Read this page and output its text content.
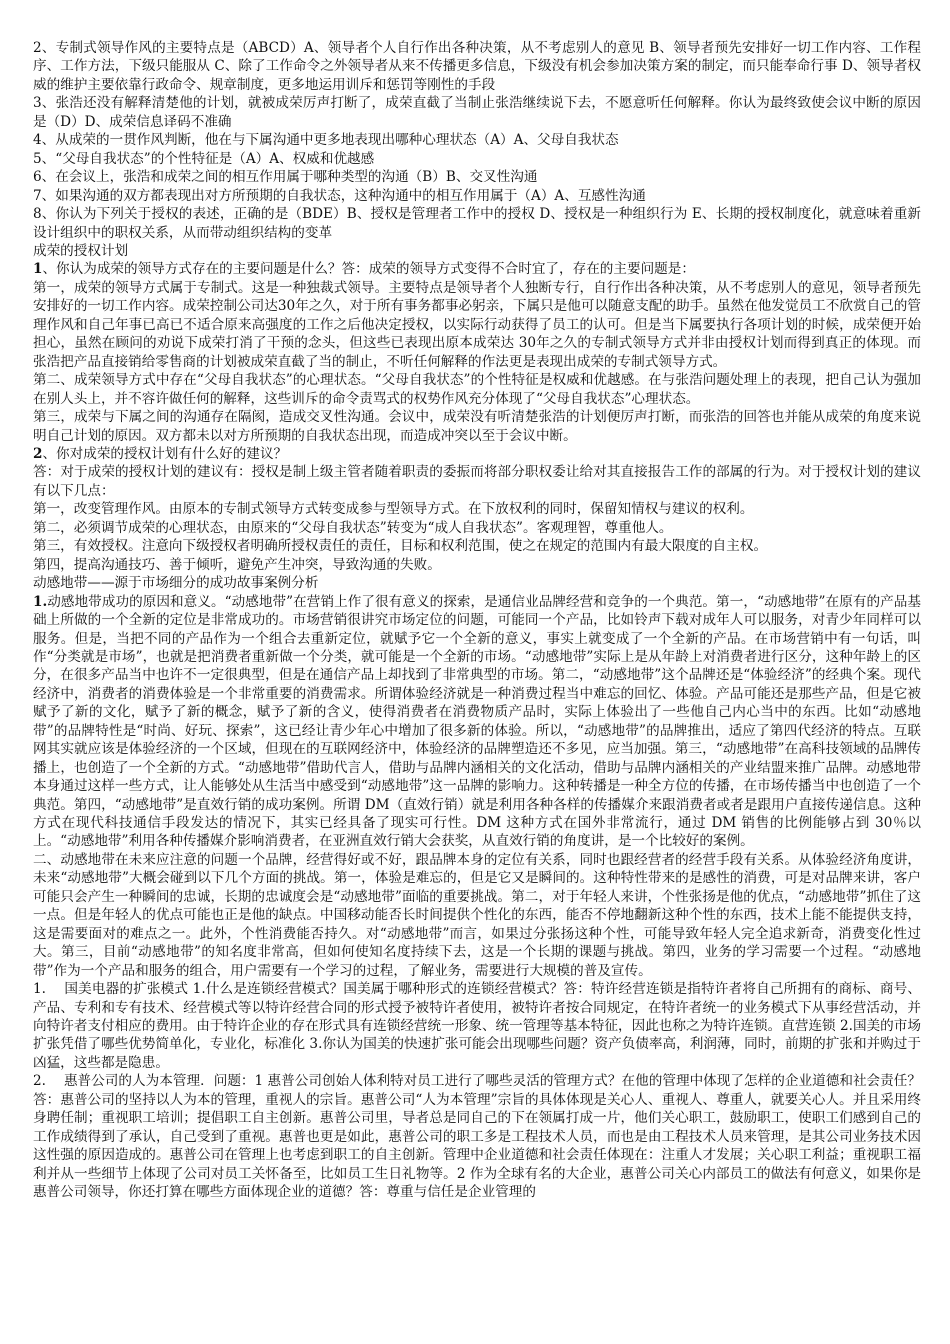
2、专制式领导作风的主要特点是（ABCD）A、领导者个人自行作出各种决策，从不考虑别人的意见 B、领导者预先安排好一切工作内容、工作程序、工作方法，下级只能服从 C、除了工作命令之外领导者从来不传播更多信息，下级没有机会参加决策方案的制定，而只能奉命行事 D、领导者权威的维护主要依靠行政命令、规章制度，更多地运用训斥和惩罚等刚性的手段

3、张浩还没有解释清楚他的计划，就被成荣厉声打断了，成荣直截了当制止张浩继续说下去，不愿意听任何解释。你认为最终致使会议中断的原因是（D）D、成荣信息译码不准确

4、从成荣的一贯作风判断，他在与下属沟通中更多地表现出哪种心理状态（A）A、父母自我状态

5、“父母自我状态”的个性特征是（A）A、权威和优越感

6、在会议上，张浩和成荣之间的相互作用属于哪种类型的沟通（B）B、交叉性沟通

7、如果沟通的双方都表现出对方所预期的自我状态，这种沟通中的相互作用属于（A）A、互感性沟通

8、你认为下列关于授权的表述，正确的是（BDE）B、授权是管理者工作中的授权 D、授权是一种组织行为 E、长期的授权制度化，就意味着重新设计组织中的职权关系，从而带动组织结构的变革

成荣的授权计划

1、你认为成荣的领导方式存在的主要问题是什么？答：成荣的领导方式变得不合时宜了，存在的主要问题是：

第一，成荣的领导方式属于专制式。这是一种独裁式领导。主要特点是领导者个人独断专行，自行作出各种决策，从不考虑别人的意见，领导者预先安排好的一切工作内容。成荣控制公司达30年之久，对于所有事务都事必躬亲，下属只是他可以随意支配的助手。虽然在他发觉员工不欣赏自己的管理作风和自己年事已高已不适合原来高强度的工作之后他决定授权，以实际行动获得了员工的认可。但是当下属要执行各项计划的时候，成荣便开始担心，虽然在顾问的劝说下成荣打消了干预的念头，但这些已表现出原本成荣达 30年之久的专制式领导方式并非由授权计划而得到真正的体现。而张浩把产品直接销给零售商的计划被成荣直截了当的制止，不听任何解释的作法更是表现出成荣的专制式领导方式。

第二、成荣领导方式中存在“父母自我状态”的心理状态。“父母自我状态”的个性特征是权威和优越感。在与张浩问题处理上的表现，把自己认为强加在别人头上，并不容许做任何的解释，这些训斥的命令责骂式的权势作风充分体现了“父母自我状态”心理状态。

第三，成荣与下属之间的沟通存在隔阂，造成交叉性沟通。会议中，成荣没有听清楚张浩的计划便厉声打断，而张浩的回答也并能从成荣的角度来说明自己计划的原因。双方都未以对方所预期的自我状态出现，而造成冲突以至于会议中断。

2、你对成荣的授权计划有什么好的建议？

答：对于成荣的授权计划的建议有：授权是制上级主管者随着职责的委振而将部分职权委让给对其直接报告工作的部属的行为。对于授权计划的建议有以下几点：

第一，改变管理作风。由原本的专制式领导方式转变成参与型领导方式。在下放权利的同时，保留知情权与建议的权利。

第二，必须调节成荣的心理状态，由原来的“父母自我状态”转变为“成人自我状态”。客观理智，尊重他人。

第三，有效授权。注意向下级授权者明确所授权责任的责任，目标和权利范围，使之在规定的范围内有最大限度的自主权。

第四，提高沟通技巧、善于倾听，避免产生冲突，导致沟通的失败。

动感地带——源于市场细分的成功故事案例分析

1.动感地带成功的原因和意义。“动感地带”在营销上作了很有意义的探索，是通信业品牌经营和竞争的一个典范。第一，“动感地带”在原有的产品基础上所做的一个全新的定位是非常成功的。市场营销很讲究市场定位的问题，可能同一个产品，比如铃声下载对成年人可以服务，对青少年同样可以服务。但是，当把不同的产品作为一个组合去重新定位，就赋予它一个全新的意义，事实上就变成了一个全新的产品。在市场营销中有一句话，叫作“分类就是市场”，也就是把消费者重新做一个分类，就可能是一个全新的市场。“动感地带”实际上是从年龄上对消费者进行区分，这种年龄上的区分，在很多产品当中也许不一定很典型，但是在通信产品上却找到了非常典型的市场。第二，“动感地带”这个品牌还是“体验经济”的经典个案。现代经济中，消费者的消费体验是一个非常重要的消费需求。所谓体验经济就是一种消费过程当中难忘的回忆、体验。产品可能还是那些产品，但是它被赋予了新的文化，赋予了新的概念，赋予了新的含义，使得消费者在消费物质产品时，实际上体验出了一些他自己内心当中的东西。比如“动感地带”的品牌特性是“时尚、好玩、探索”，这已经让青少年心中增加了很多新的体验。所以，“动感地带”的品牌推出，适应了第四代经济的特点。互联网其实就应该是体验经济的一个区域，但现在的互联网经济中，体验经济的品牌塑造还不多见，应当加强。第三，“动感地带”在高科技领域的品牌传播上，也创造了一个全新的方式。“动感地带”借助代言人，借助与品牌内涵相关的文化活动，借助与品牌内涵相关的产业结盟来推广品牌。动感地带本身通过这样一些方式，让人能够处从生活当中感受到“动感地带”这一品牌的影响力。这种转播是一种全方位的传播，在市场传播当中也创造了一个典范。第四，“动感地带”是直效行销的成功案例。所谓 DM（直效行销）就是利用各种各样的传播媒介来跟消费者或者是跟用户直接传递信息。这种方式在现代科技通信手段发达的情况下，其实已经具备了现实可行性。DM 这种方式在国外非常流行，通过 DM 销售的比例能够占到 30％以上。“动感地带”利用各种传播媒介影响消费者，在亚洲直效行销大会获奖，从直效行销的角度讲，是一个比较好的案例。

二、动感地带在未来应注意的问题一个品牌，经营得好或不好，跟品牌本身的定位有关系，同时也跟经营者的经营手段有关系。从体验经济角度讲，未来“动感地带”大概会碰到以下几个方面的挑战。第一，体验是难忘的，但是它又是瞬间的。这种特性带来的是感性的消费，可是对品牌来讲，客户可能只会产生一种瞬间的忠诚，长期的忠诚度会是“动感地带”面临的重要挑战。第二，对于年轻人来讲，个性张扬是他的优点，“动感地带”抓住了这一点。但是年轻人的优点可能也正是他的缺点。中国移动能否长时间提供个性化的东西，能否不停地翻新这种个性的东西，技术上能不能提供支持，这是需要面对的难点之一。此外，个性消费能否持久。对“动感地带”而言，如果过分张扬这种个性，可能导致年轻人完全追求新奇，消费变化性过大。第三，目前“动感地带”的知名度非常高，但如何使知名度持续下去，这是一个长期的课题与挑战。第四，业务的学习需要一个过程。“动感地带”作为一个产品和服务的组合，用户需要有一个学习的过程，了解业务，需要进行大规模的普及宣传。

1.　 国美电器的扩张模式 1.什么是连锁经营模式？国美属于哪种形式的连锁经营模式？答：特许经营连锁是指特许者将自己所拥有的商标、商号、产品、专利和专有技术、经营模式等以特许经营合同的形式授予被特许者使用，被特许者按合同规定，在特许者统一的业务模式下从事经营活动，并向特许者支付相应的费用。由于特许企业的存在形式具有连锁经营统一形象、统一管理等基本特征，因此也称之为特许连锁。直营连锁 2.国美的市场扩张凭借了哪些优势简单化，专业化，标准化 3.你认为国美的快速扩张可能会出现哪些问题？资产负债率高，利润薄，同时，前期的扩张和并购过于凶猛，这些都是隐患。

2.　 惠普公司的人为本管理．问题：1 惠普公司创始人体利特对员工进行了哪些灵活的管理方式？在他的管理中体现了怎样的企业道德和社会责任？答：惠普公司的坚持以人为本的管理，重视人的宗旨。惠普公司“人为本管理”宗旨的具体体现是关心人、重视人、尊重人，就要关心人。并且采用终身聘任制；重视职工培训；提倡职工自主创新。惠普公司里，导者总是同自己的下在领属打成一片，他们关心职工，鼓励职工，使职工们感到自己的工作成绩得到了承认，自己受到了重视。惠普也更是如此，惠普公司的职工多是工程技术人员，而也是由工程技术人员来管理，是其公司业务技术因这性强的原因造成的。惠普公司在管理上也考虑到职工的自主创新。管理中企业道德和社会责任体现在：注重人才发展；关心职工利益；重视职工福利并从一些细节上体现了公司对员工关怀备至，比如员工生日礼物等。2 作为全球有名的大企业，惠普公司关心内部员工的做法有何意义，如果你是惠普公司领导，你还打算在哪些方面体现企业的道德？答：尊重与信任是企业管理的
